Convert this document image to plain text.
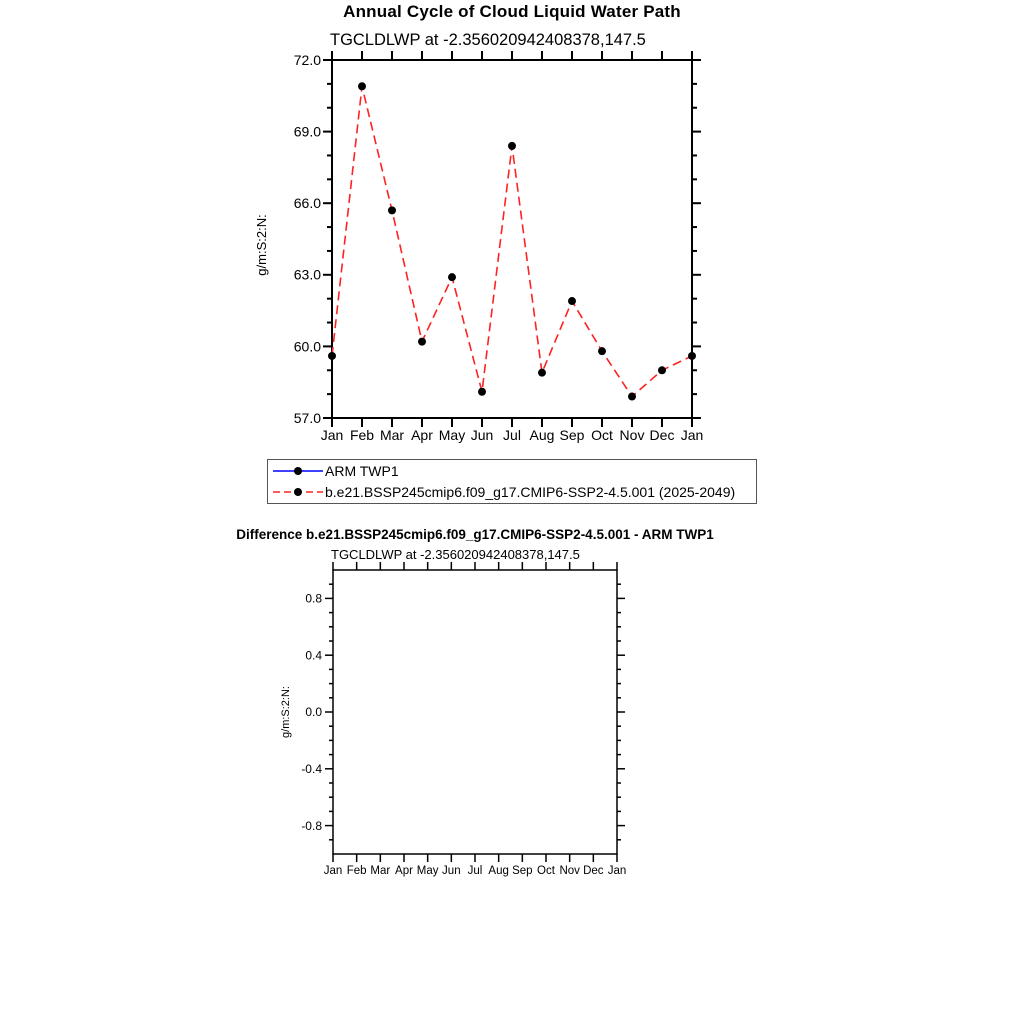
Annual Cycle of Cloud Liquid Water Path
TGCLDLWP at -2.356020942408378,147.5
57.0
60.0
63.0
66.0
69.0
72.0
Jan Feb Mar Apr May Jun Jul Aug Sep Oct Nov Dec Jan
g/m:S:2:N:
-0.8
-0.4
0.0
0.4
0.8
Jan Feb Mar Apr May Jun Jul Aug Sep Oct Nov Dec Jan
g/m:S:2:N:
ARM TWP1
b.e21.BSSP245cmip6.f09_g17.CMIP6-SSP2-4.5.001 (2025-2049)
Difference b.e21.BSSP245cmip6.f09_g17.CMIP6-SSP2-4.5.001 - ARM TWP1
TGCLDLWP at -2.356020942408378,147.5
